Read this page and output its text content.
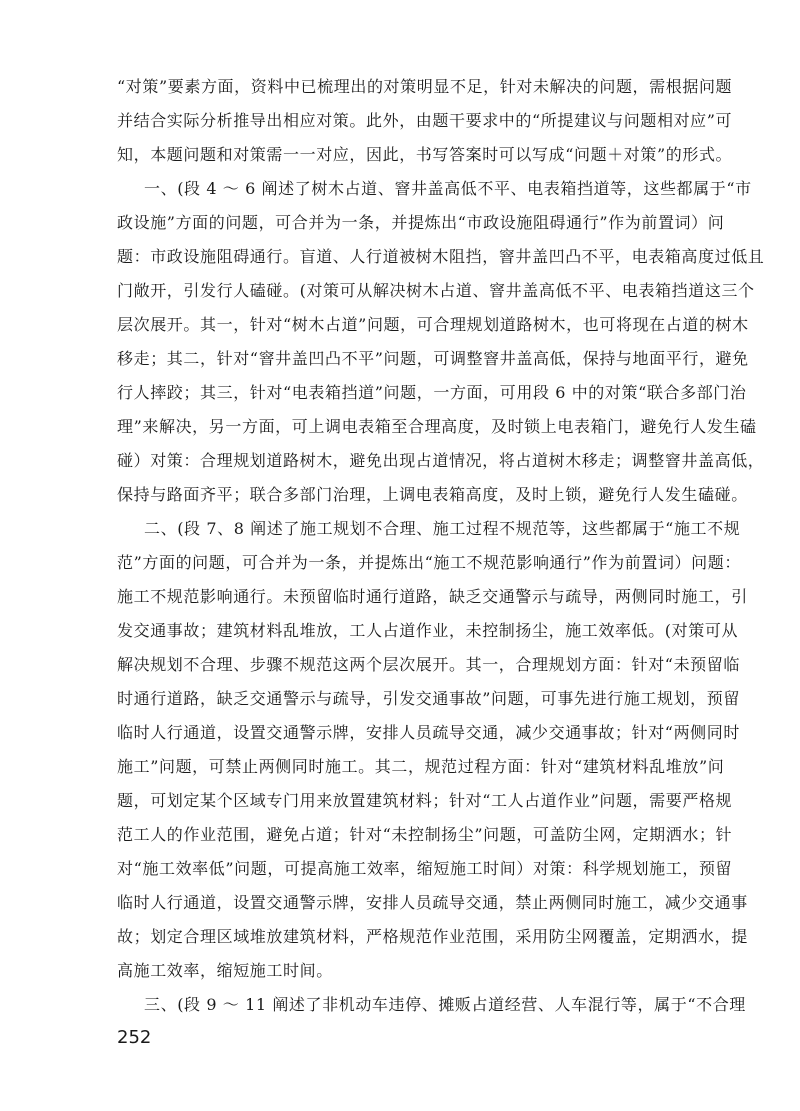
“对策”要素方面，资料中已梳理出的对策明显不足，针对未解决的问题，需根据问题
并结合实际分析推导出相应对策。此外，由题干要求中的“所提建议与问题相对应”可
知，本题问题和对策需一一对应，因此，书写答案时可以写成“问题＋对策”的形式。
一、(段 4 ～ 6 阐述了树木占道、窨井盖高低不平、电表箱挡道等，这些都属于“市
政设施”方面的问题，可合并为一条，并提炼出“市政设施阻碍通行”作为前置词）问
题：市政设施阻碍通行。盲道、人行道被树木阻挡，窨井盖凹凸不平，电表箱高度过低且
门敞开，引发行人磕碰。(对策可从解决树木占道、窨井盖高低不平、电表箱挡道这三个
层次展开。其一，针对“树木占道”问题，可合理规划道路树木，也可将现在占道的树木
移走；其二，针对“窨井盖凹凸不平”问题，可调整窨井盖高低，保持与地面平行，避免
行人摔跤；其三，针对“电表箱挡道”问题，一方面，可用段 6 中的对策“联合多部门治
理”来解决，另一方面，可上调电表箱至合理高度，及时锁上电表箱门，避免行人发生磕
碰）对策：合理规划道路树木，避免出现占道情况，将占道树木移走；调整窨井盖高低，
保持与路面齐平；联合多部门治理，上调电表箱高度，及时上锁，避免行人发生磕碰。
二、(段 7、8 阐述了施工规划不合理、施工过程不规范等，这些都属于“施工不规
范”方面的问题，可合并为一条，并提炼出“施工不规范影响通行”作为前置词）问题：
施工不规范影响通行。未预留临时通行道路，缺乏交通警示与疏导，两侧同时施工，引
发交通事故；建筑材料乱堆放，工人占道作业，未控制扬尘，施工效率低。(对策可从
解决规划不合理、步骤不规范这两个层次展开。其一，合理规划方面：针对“未预留临
时通行道路，缺乏交通警示与疏导，引发交通事故”问题，可事先进行施工规划，预留
临时人行通道，设置交通警示牌，安排人员疏导交通，减少交通事故；针对“两侧同时
施工”问题，可禁止两侧同时施工。其二，规范过程方面：针对“建筑材料乱堆放”问
题，可划定某个区域专门用来放置建筑材料；针对“工人占道作业”问题，需要严格规
范工人的作业范围，避免占道；针对“未控制扬尘”问题，可盖防尘网，定期洒水；针
对“施工效率低”问题，可提高施工效率，缩短施工时间）对策：科学规划施工，预留
临时人行通道，设置交通警示牌，安排人员疏导交通，禁止两侧同时施工，减少交通事
故；划定合理区域堆放建筑材料，严格规范作业范围，采用防尘网覆盖，定期洒水，提
高施工效率，缩短施工时间。
三、(段 9 ～ 11 阐述了非机动车违停、摊贩占道经营、人车混行等，属于“不合理
252
